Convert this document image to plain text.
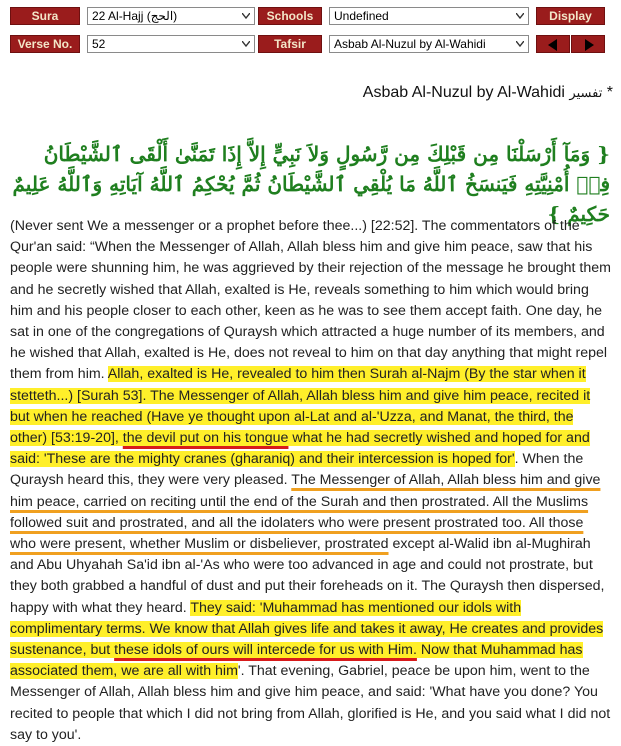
Sura	22 Al-Hajj (الحج)	Schools	Undefined	Display
Verse No.	52	Tafsir	Asbab Al-Nuzul by Al-Wahidi
Asbab Al-Nuzul by Al-Wahidi تفسير *
{ وَمَآ أَرْسَلْنَا مِن قَبْلِكَ مِن رَّسُولٍ وَلاَ نَبِيٍّ إِلاَّ إِذَا تَمَنَّىٰ أَلْقَى ٱلشَّيْطَانُ فِيۤ أُمْنِيَّتِهِ فَيَنسَخُ ٱللَّهُ مَا يُلْقِي ٱلشَّيْطَانُ ثُمَّ يُحْكِمُ ٱللَّهُ آيَاتِهِ وَٱللَّهُ عَلِيمٌ حَكِيمٌ }
(Never sent We a messenger or a prophet before thee...) [22:52]. The commentators of the Qur'an said: “When the Messenger of Allah, Allah bless him and give him peace, saw that his people were shunning him, he was aggrieved by their rejection of the message he brought them and he secretly wished that Allah, exalted is He, reveals something to him which would bring him and his people closer to each other, keen as he was to see them accept faith. One day, he sat in one of the congregations of Quraysh which attracted a huge number of its members, and he wished that Allah, exalted is He, does not reveal to him on that day anything that might repel them from him. Allah, exalted is He, revealed to him then Surah al-Najm (By the star when it stetteth...) [Surah 53]. The Messenger of Allah, Allah bless him and give him peace, recited it but when he reached (Have ye thought upon al-Lat and al-'Uzza, and Manat, the third, the other) [53:19-20], the devil put on his tongue what he had secretly wished and hoped for and said: 'These are the mighty cranes (gharaniq) and their intercession is hoped for'. When the Quraysh heard this, they were very pleased. The Messenger of Allah, Allah bless him and give him peace, carried on reciting until the end of the Surah and then prostrated. All the Muslims followed suit and prostrated, and all the idolaters who were present prostrated too. All those who were present, whether Muslim or disbeliever, prostrated except al-Walid ibn al-Mughirah and Abu Uhyahah Sa'id ibn al-'As who were too advanced in age and could not prostrate, but they both grabbed a handful of dust and put their foreheads on it. The Quraysh then dispersed, happy with what they heard. They said: 'Muhammad has mentioned our idols with complimentary terms. We know that Allah gives life and takes it away, He creates and provides sustenance, but these idols of ours will intercede for us with Him. Now that Muhammad has associated them, we are all with him'. That evening, Gabriel, peace be upon him, went to the Messenger of Allah, Allah bless him and give him peace, and said: 'What have you done? You recited to people that which I did not bring from Allah, glorified is He, and you said what I did not say to you'.
